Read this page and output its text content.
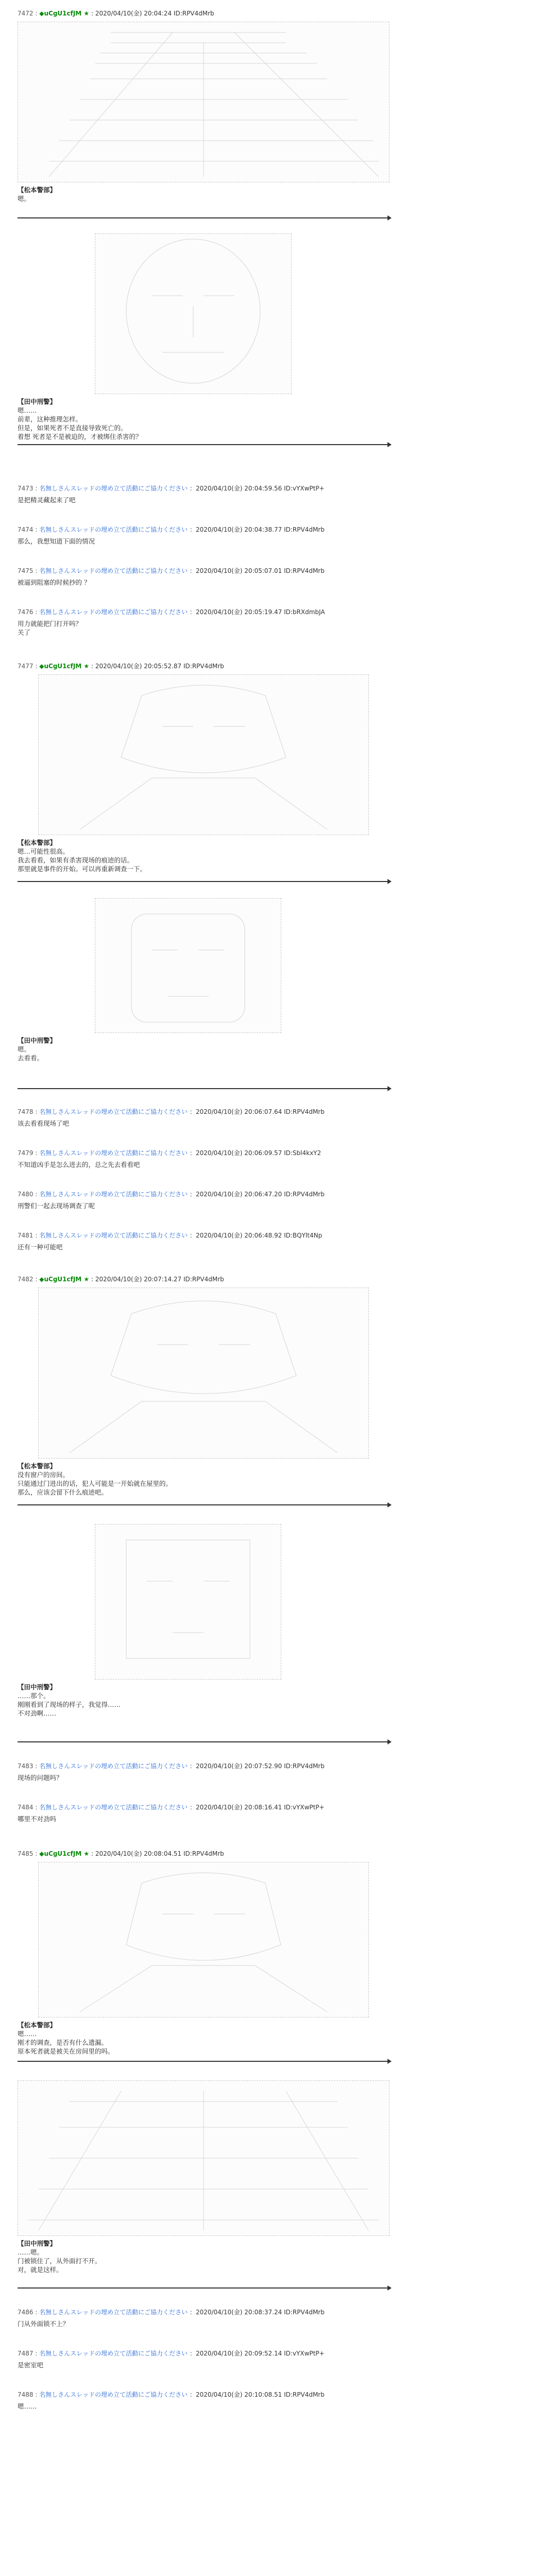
7472 : ◆uCgU1cfJM ★ : 2020/04/10(金) 20:04:24 ID:RPV4dMrb
【松本警部】
嗯。
【田中刑警】
嗯……
前辈，这种推理怎样。
但是，如果死者不是直接导致死亡的。
着想 死者是不是被迫的，才被绑住杀害的？
7473 : 名無しさんスレッドの埋め立て活動にご協力ください ：2020/04/10(金) 20:04:59.56 ID:vYXwPtP+
是把精灵藏起来了吧
7474 : 名無しさんスレッドの埋め立て活動にご協力ください ：2020/04/10(金) 20:04:38.77 ID:RPV4dMrb
那么，我想知道下面的情况
7475 : 名無しさんスレッドの埋め立て活動にご協力ください ：2020/04/10(金) 20:05:07.01 ID:RPV4dMrb
被逼到阻塞的时候抄的 ？
7476 : 名無しさんスレッドの埋め立て活動にご協力ください ：2020/04/10(金) 20:05:19.47 ID:bRXdmbJA
用力就能把门打开吗？
关了
7477 : ◆uCgU1cfJM ★ : 2020/04/10(金) 20:05:52.87 ID:RPV4dMrb
【松本警部】
嗯…可能性很高。
我去看看，如果有杀害现场的痕迹的话。
那里就是事件的开始。可以再重新调查一下。
【田中刑警】
嗯。
去看看。
7478 : 名無しさんスレッドの埋め立て活動にご協力ください ：2020/04/10(金) 20:06:07.64 ID:RPV4dMrb
该去看看现场了吧
7479 : 名無しさんスレッドの埋め立て活動にご協力ください ：2020/04/10(金) 20:06:09.57 ID:Sbl4kxY2
不知道凶手是怎么进去的，总之先去看看吧
7480 : 名無しさんスレッドの埋め立て活動にご協力ください ：2020/04/10(金) 20:06:47.20 ID:RPV4dMrb
刑警们一起去现场调查了呢
7481 : 名無しさんスレッドの埋め立て活動にご協力ください ：2020/04/10(金) 20:06:48.92 ID:BQYlt4Np
还有一种可能吧
7482 : ◆uCgU1cfJM ★ : 2020/04/10(金) 20:07:14.27 ID:RPV4dMrb
【松本警部】
没有窗户的房间。
只能通过门进出的话，犯人可能是一开始就在屋里的。
那么，应该会留下什么痕迹吧。
【田中刑警】
……那个。
刚刚看到了现场的样子，我觉得……
不对劲啊……
7483 : 名無しさんスレッドの埋め立て活動にご協力ください ：2020/04/10(金) 20:07:52.90 ID:RPV4dMrb
现场的问题吗？
7484 : 名無しさんスレッドの埋め立て活動にご協力ください ：2020/04/10(金) 20:08:16.41 ID:vYXwPtP+
哪里不对劲吗
7485 : ◆uCgU1cfJM ★ : 2020/04/10(金) 20:08:04.51 ID:RPV4dMrb
【松本警部】
嗯……
刚才的调查，是否有什么遗漏。
原本死者就是被关在房间里的吗。
【田中刑警】
……嗯。
门被锁住了，从外面打不开。
对，就是这样。
7486 : 名無しさんスレッドの埋め立て活動にご協力ください ：2020/04/10(金) 20:08:37.24 ID:RPV4dMrb
门从外面锁不上？
7487 : 名無しさんスレッドの埋め立て活動にご協力ください ：2020/04/10(金) 20:09:52.14 ID:vYXwPtP+
是密室吧
7488 : 名無しさんスレッドの埋め立て活動にご協力ください ：2020/04/10(金) 20:10:08.51 ID:RPV4dMrb
嗯……
